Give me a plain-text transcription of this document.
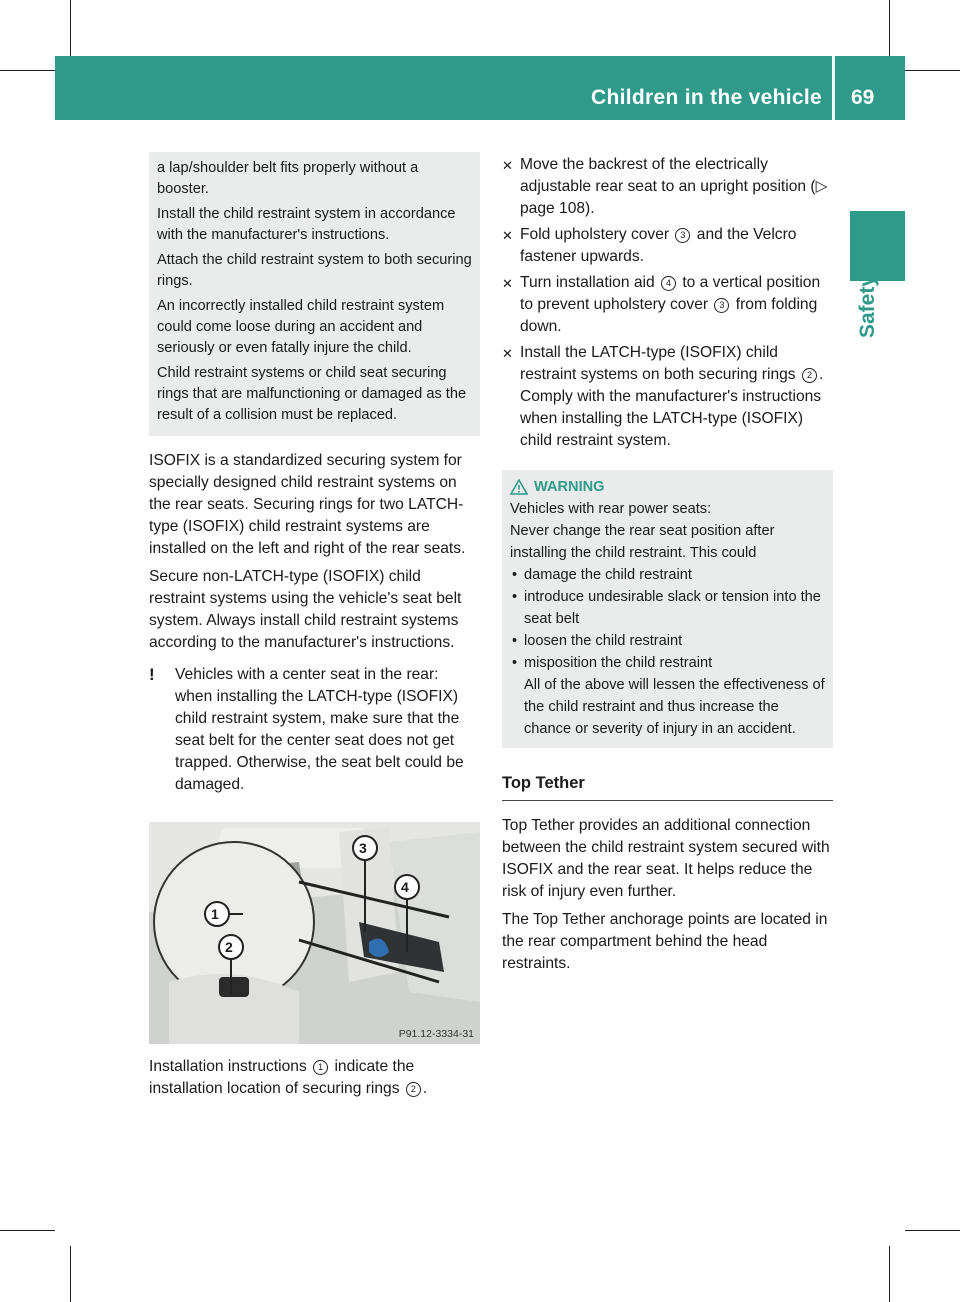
Children in the vehicle 69
Safety

a lap/shoulder belt fits properly without a booster.

Install the child restraint system in accordance with the manufacturer's instructions.

Attach the child restraint system to both securing rings.

An incorrectly installed child restraint system could come loose during an accident and seriously or even fatally injure the child.

Child restraint systems or child seat securing rings that are malfunctioning or damaged as the result of a collision must be replaced.

ISOFIX is a standardized securing system for specially designed child restraint systems on the rear seats. Securing rings for two LATCH-type (ISOFIX) child restraint systems are installed on the left and right of the rear seats.

Secure non-LATCH-type (ISOFIX) child restraint systems using the vehicle's seat belt system. Always install child restraint systems according to the manufacturer's instructions.

!	Vehicles with a center seat in the rear: when installing the LATCH-type (ISOFIX) child restraint system, make sure that the seat belt for the center seat does not get trapped. Otherwise, the seat belt could be damaged.
1
2
3
4
P91.12-3334-31
Installation instructions 1 indicate the installation location of securing rings 2 .
✕ Move the backrest of the electrically adjustable rear seat to an upright position (▷ page 108).
✕ Fold upholstery cover 3 and the Velcro fastener upwards.
✕ Turn installation aid 4 to a vertical position to prevent upholstery cover 3 from folding down.
✕ Install the LATCH-type (ISOFIX) child restraint systems on both securing rings 2 . Comply with the manufacturer's instructions when installing the LATCH-type (ISOFIX) child restraint system.
WARNING

Vehicles with rear power seats:

Never change the rear seat position after installing the child restraint. This could

• damage the child restraint
• introduce undesirable slack or tension into the seat belt
• loosen the child restraint
• misposition the child restraint

All of the above will lessen the effectiveness of the child restraint and thus increase the chance or severity of injury in an accident.

Top Tether

Top Tether provides an additional connection between the child restraint system secured with ISOFIX and the rear seat. It helps reduce the risk of injury even further.

The Top Tether anchorage points are located in the rear compartment behind the head restraints.
